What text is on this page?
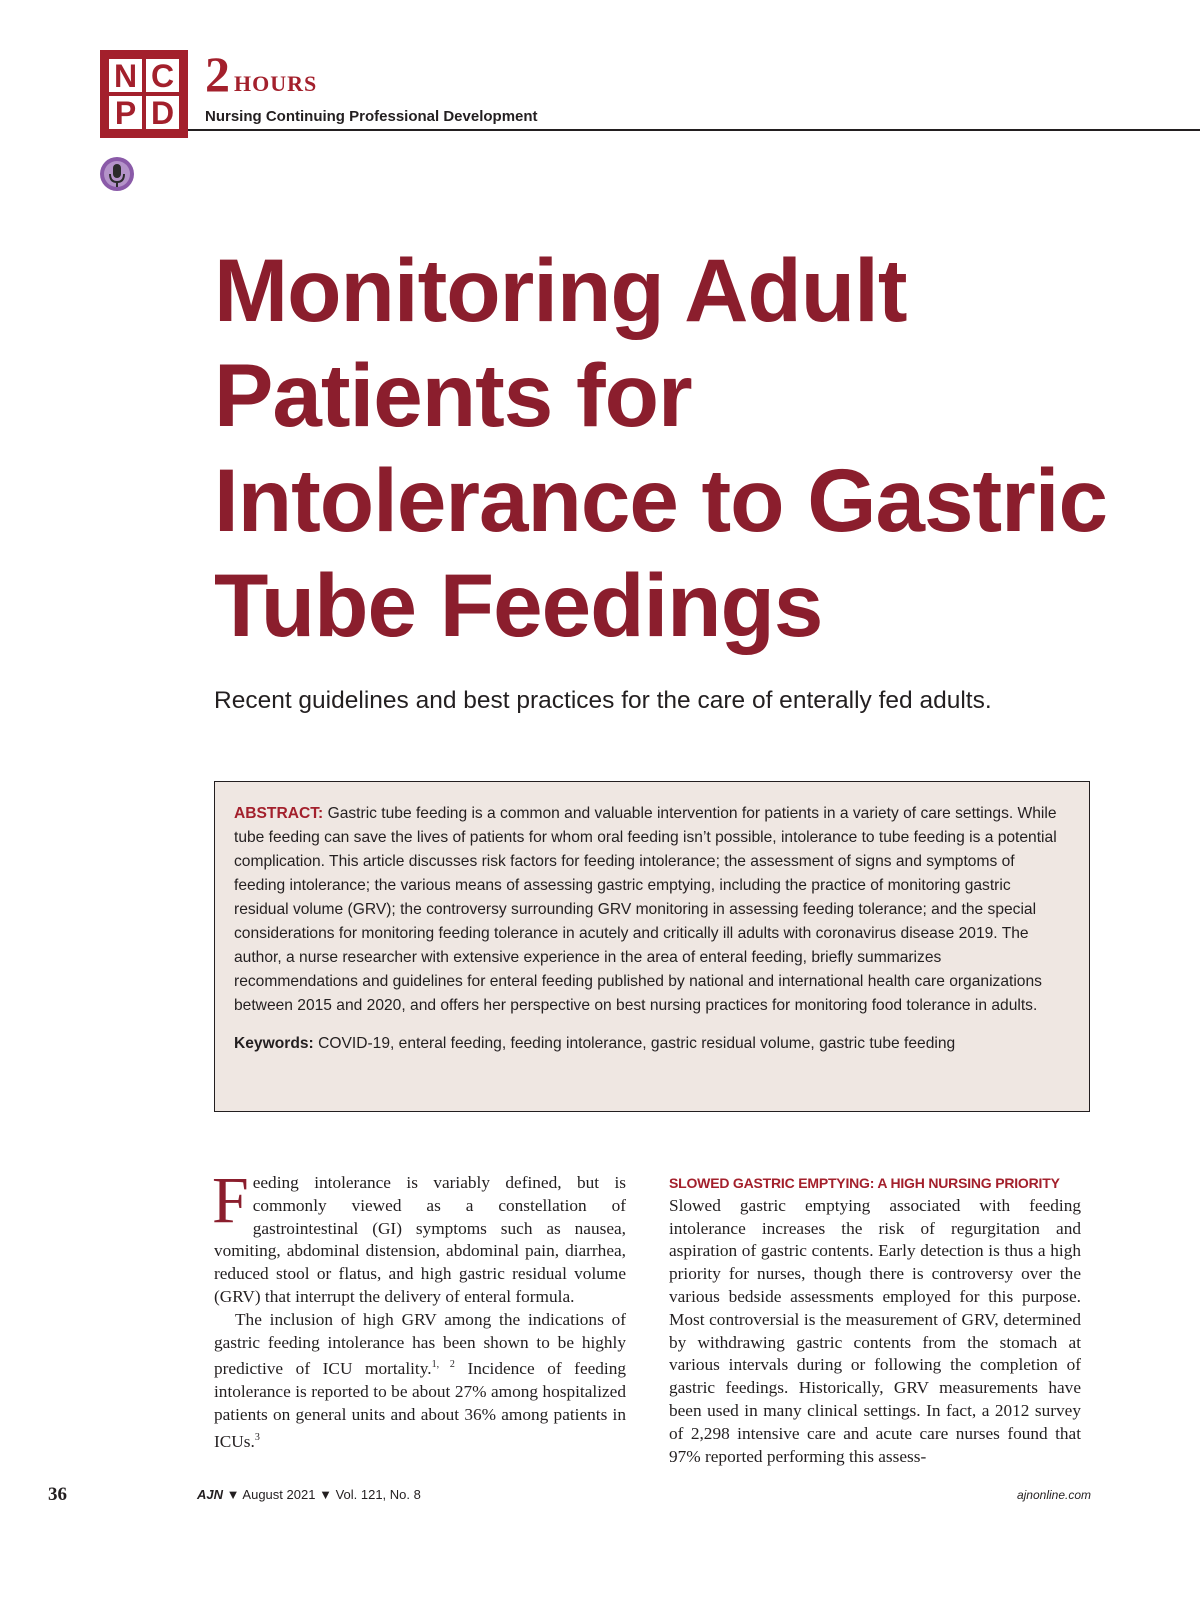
N C
P D
2 HOURS
Nursing Continuing Professional Development
Monitoring Adult Patients for Intolerance to Gastric Tube Feedings

Recent guidelines and best practices for the care of enterally fed adults.

ABSTRACT: Gastric tube feeding is a common and valuable intervention for patients in a variety of care settings. While tube feeding can save the lives of patients for whom oral feeding isn’t possible, intolerance to tube feeding is a potential complication. This article discusses risk factors for feeding intolerance; the assessment of signs and symptoms of feeding intolerance; the various means of assessing gastric emptying, including the practice of monitoring gastric residual volume (GRV); the controversy surrounding GRV monitoring in assessing feeding tolerance; and the special considerations for monitoring feeding tolerance in acutely and critically ill adults with coronavirus disease 2019. The author, a nurse researcher with extensive experience in the area of enteral feeding, briefly summarizes recommendations and guidelines for enteral feeding published by national and international health care organizations between 2015 and 2020, and offers her perspective on best nursing practices for monitoring food tolerance in adults.

Keywords: COVID-19, enteral feeding, feeding intolerance, gastric residual volume, gastric tube feeding

Feeding intolerance is variably defined, but is commonly viewed as a constellation of gastrointestinal (GI) symptoms such as nausea, vomiting, abdominal distension, abdominal pain, diarrhea, reduced stool or flatus, and high gastric residual volume (GRV) that interrupt the delivery of enteral formula.

The inclusion of high GRV among the indications of gastric feeding intolerance has been shown to be highly predictive of ICU mortality.$^{1, 2}$ Incidence of feeding intolerance is reported to be about 27% among hospitalized patients on general units and about 36% among patients in ICUs.$^3$

SLOWED GASTRIC EMPTYING: A HIGH NURSING PRIORITY

Slowed gastric emptying associated with feeding intolerance increases the risk of regurgitation and aspiration of gastric contents. Early detection is thus a high priority for nurses, though there is controversy over the various bedside assessments employed for this purpose. Most controversial is the measurement of GRV, determined by withdrawing gastric contents from the stomach at various intervals during or following the completion of gastric feedings. Historically, GRV measurements have been used in many clinical settings. In fact, a 2012 survey of 2,298 intensive care and acute care nurses found that 97% reported performing this assess-

36	AJN ▼ August 2021 ▼ Vol. 121, No. 8	ajnonline.com
